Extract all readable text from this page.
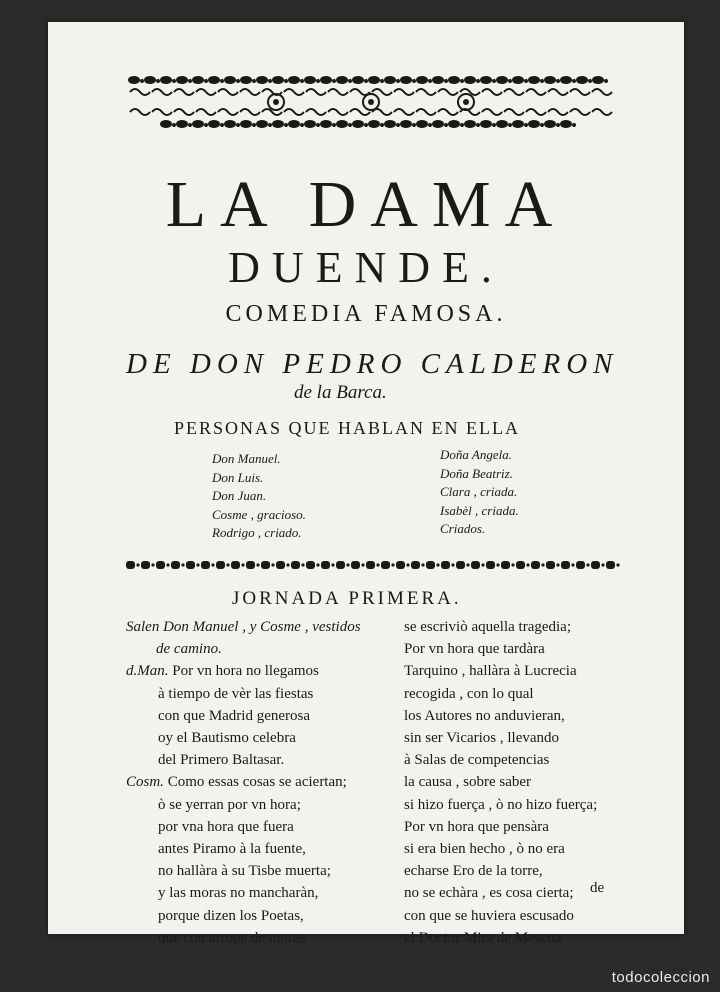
LA DAMA
DUENDE.
COMEDIA FAMOSA.
DE DON PEDRO CALDERON
de la Barca.
PERSONAS QUE HABLAN EN ELLA
Don Manuel.
Don Luis.
Don Juan.
Cosme , gracioso.
Rodrigo , criado.
Doña Angela.
Doña Beatriz.
Clara , criada.
Isabèl , criada.
Criados.
JORNADA PRIMERA.
Salen Don Manuel , y Cosme , vestidos
de camino.
d.Man. Por vn hora no llegamos
à tiempo de vèr las fiestas
con que Madrid generosa
oy el Bautismo celebra
del Primero Baltasar.
Cosm. Como essas cosas se aciertan;
ò se yerran por vn hora;
por vna hora que fuera
antes Piramo à la fuente,
no hallàra à su Tisbe muerta;
y las moras no mancharàn,
porque dizen los Poetas,
que con arrope de moras
se escriviò aquella tragedia;
Por vn hora que tardàra
Tarquino , hallàra à Lucrecia
recogida , con lo qual
los Autores no anduvieran,
sin ser Vicarios , llevando
à Salas de competencias
la causa , sobre saber
si hizo fuerça , ò no hizo fuerça;
Por vn hora que pensàra
si era bien hecho , ò no era
echarse Ero de la torre,
no se echàra , es cosa cierta;
con que se huviera escusado
el Doctor Mira de Mescua
de
todocoleccion
